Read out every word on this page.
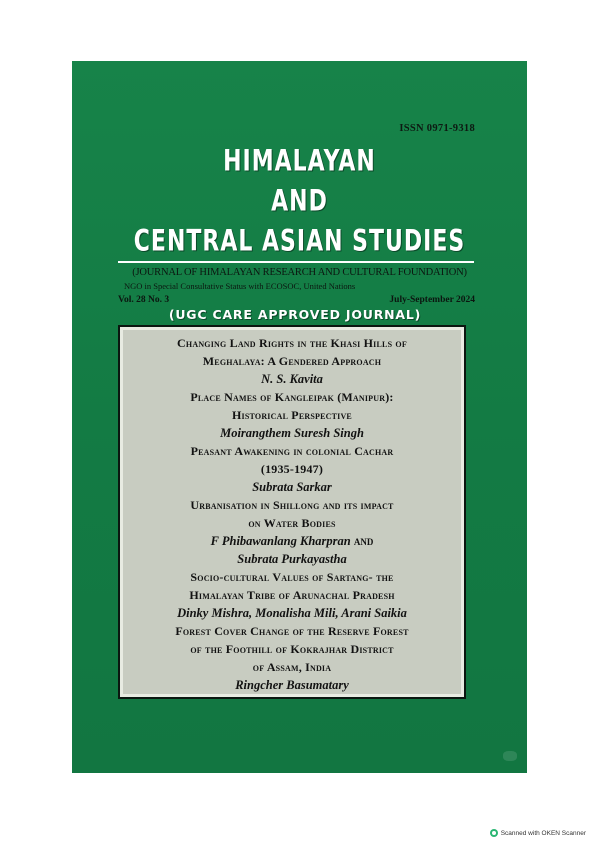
ISSN 0971-9318
HIMALAYAN
AND
CENTRAL ASIAN STUDIES
(JOURNAL OF HIMALAYAN RESEARCH AND CULTURAL FOUNDATION)
NGO in Special Consultative Status with ECOSOC, United Nations
Vol. 28 No. 3	July-September 2024
(UGC CARE APPROVED JOURNAL)
Changing Land Rights in the Khasi Hills of
Meghalaya: A Gendered Approach
N. S. Kavita
Place Names of Kangleipak (Manipur):
Historical Perspective
Moirangthem Suresh Singh
Peasant Awakening in colonial Cachar
(1935-1947)
Subrata Sarkar
Urbanisation in Shillong and its impact
on Water Bodies
F Phibawanlang Kharpran and
Subrata Purkayastha
Socio-cultural Values of Sartang- the
Himalayan Tribe of Arunachal Pradesh
Dinky Mishra, Monalisha Mili, Arani Saikia
Forest Cover Change of the Reserve Forest
of the Foothill of Kokrajhar District
of Assam, India
Ringcher Basumatary
Scanned with OKEN Scanner
